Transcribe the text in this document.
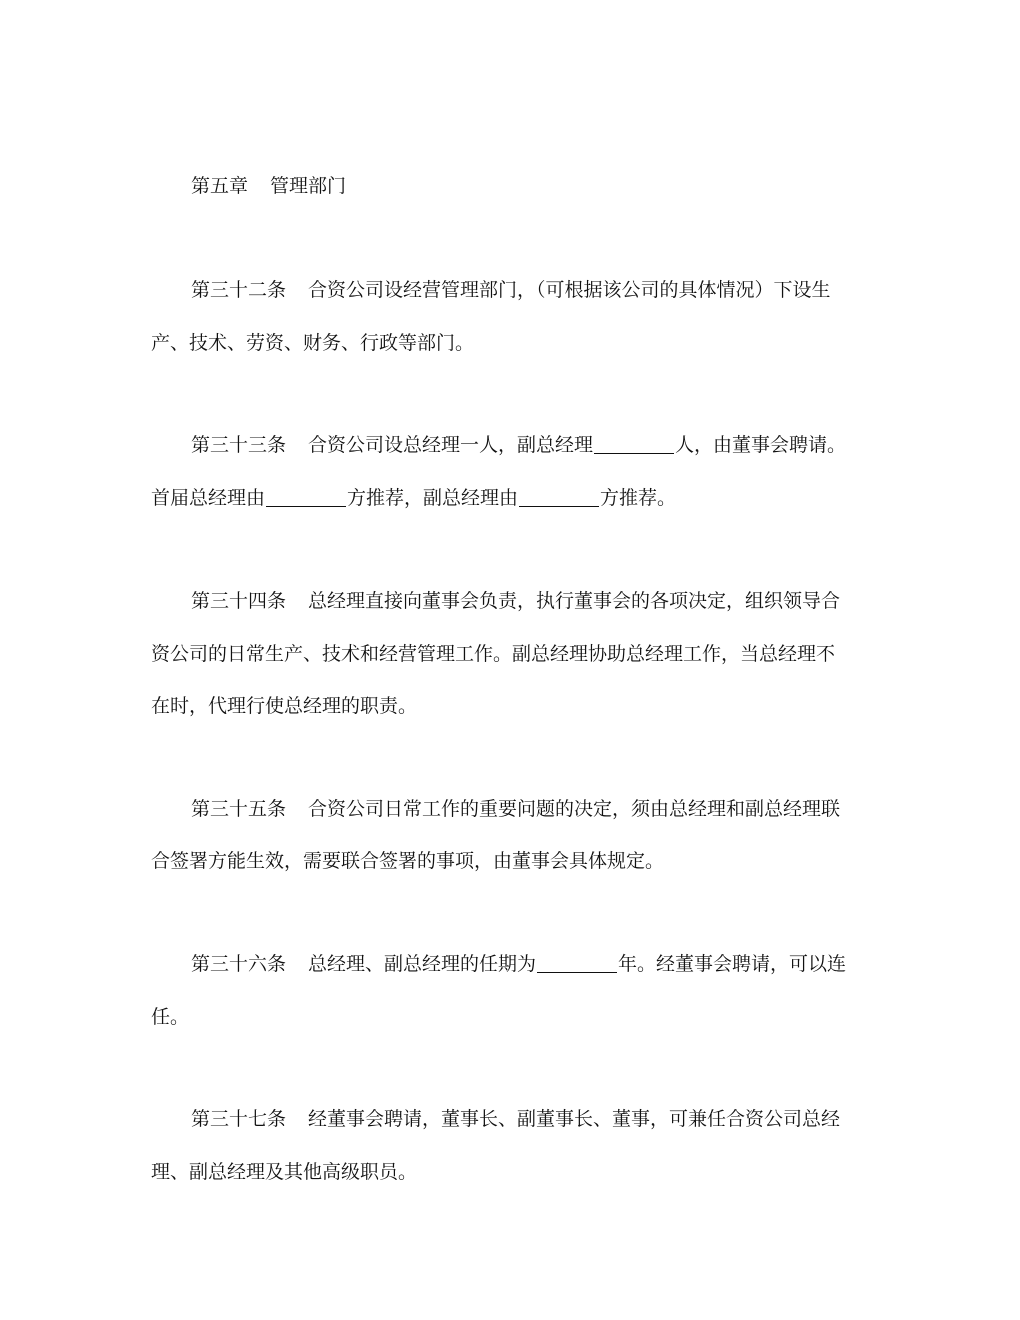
第五章 管理部门
第三十二条 合资公司设经营管理部门，（可根据该公司的具体情况）下设生
产、技术、劳资、财务、行政等部门。
第三十三条 合资公司设总经理一人，副总经理	人，由董事会聘请。
首届总经理由	方推荐，副总经理由	方推荐。
第三十四条 总经理直接向董事会负责，执行董事会的各项决定，组织领导合
资公司的日常生产、技术和经营管理工作。副总经理协助总经理工作，当总经理不
在时，代理行使总经理的职责。
第三十五条 合资公司日常工作的重要问题的决定，须由总经理和副总经理联
合签署方能生效，需要联合签署的事项，由董事会具体规定。
第三十六条 总经理、副总经理的任期为	年。经董事会聘请，可以连
任。
第三十七条 经董事会聘请，董事长、副董事长、董事，可兼任合资公司总经
理、副总经理及其他高级职员。
